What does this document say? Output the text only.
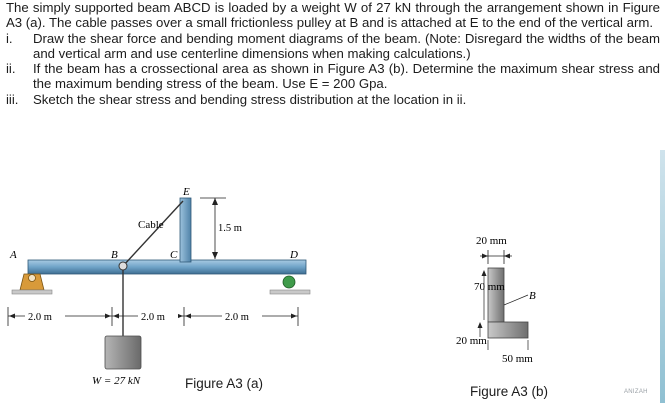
The simply supported beam ABCD is loaded by a weight W of 27 kN through the arrangement shown in Figure A3 (a). The cable passes over a small frictionless pulley at B and is attached at E to the end of the vertical arm.
i.	Draw the shear force and bending moment diagrams of the beam. (Note: Disregard the widths of the beam and vertical arm and use centerline dimensions when making calculations.)
ii.	If the beam has a crossectional area as shown in Figure A3 (b). Determine the maximum shear stress and the maximum bending stress of the beam. Use E = 200 Gpa.
iii.	Sketch the shear stress and bending stress distribution at the location in ii.
1.5 m
Cable
E
A	B	C	D
2.0 m	2.0 m	2.0 m
W = 27 kN	Figure A3 (a)
20 mm
70 mm
B
20 mm
50 mm
Figure A3 (b)	ANIZAH
